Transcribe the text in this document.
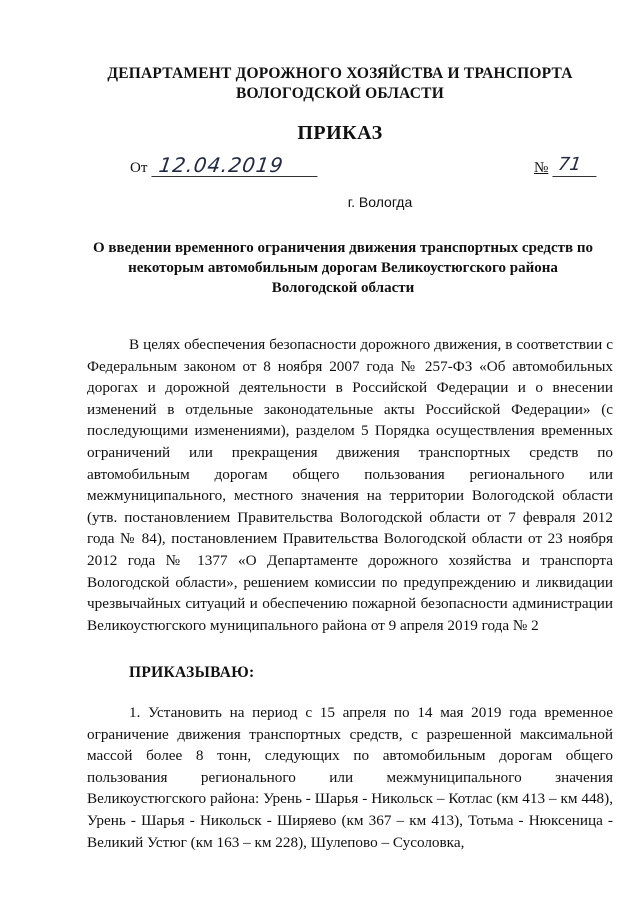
ДЕПАРТАМЕНТ ДОРОЖНОГО ХОЗЯЙСТВА И ТРАНСПОРТА
ВОЛОГОДСКОЙ ОБЛАСТИ
ПРИКАЗ
От 12.04.2019	№ 71
г. Вологда
О введении временного ограничения движения транспортных средств по
некоторым автомобильным дорогам Великоустюгского района
Вологодской области
В целях обеспечения безопасности дорожного движения, в соответствии с Федеральным законом от 8 ноября 2007 года № 257-ФЗ «Об автомобильных дорогах и дорожной деятельности в Российской Федерации и о внесении изменений в отдельные законодательные акты Российской Федерации» (с последующими изменениями), разделом 5 Порядка осуществления временных ограничений или прекращения движения транспортных средств по автомобильным дорогам общего пользования регионального или межмуниципального, местного значения на территории Вологодской области (утв. постановлением Правительства Вологодской области от 7 февраля 2012 года № 84), постановлением Правительства Вологодской области от 23 ноября 2012 года № 1377 «О Департаменте дорожного хозяйства и транспорта Вологодской области», решением комиссии по предупреждению и ликвидации чрезвычайных ситуаций и обеспечению пожарной безопасности администрации Великоустюгского муниципального района от 9 апреля 2019 года № 2
ПРИКАЗЫВАЮ:
1. Установить на период с 15 апреля по 14 мая 2019 года временное ограничение движения транспортных средств, с разрешенной максимальной массой более 8 тонн, следующих по автомобильным дорогам общего пользования регионального или межмуниципального значения Великоустюгского района: Урень - Шарья - Никольск – Котлас (км 413 – км 448), Урень - Шарья - Никольск - Ширяево (км 367 – км 413), Тотьма - Нюксеница - Великий Устюг (км 163 – км 228), Шулепово – Сусоловка,
